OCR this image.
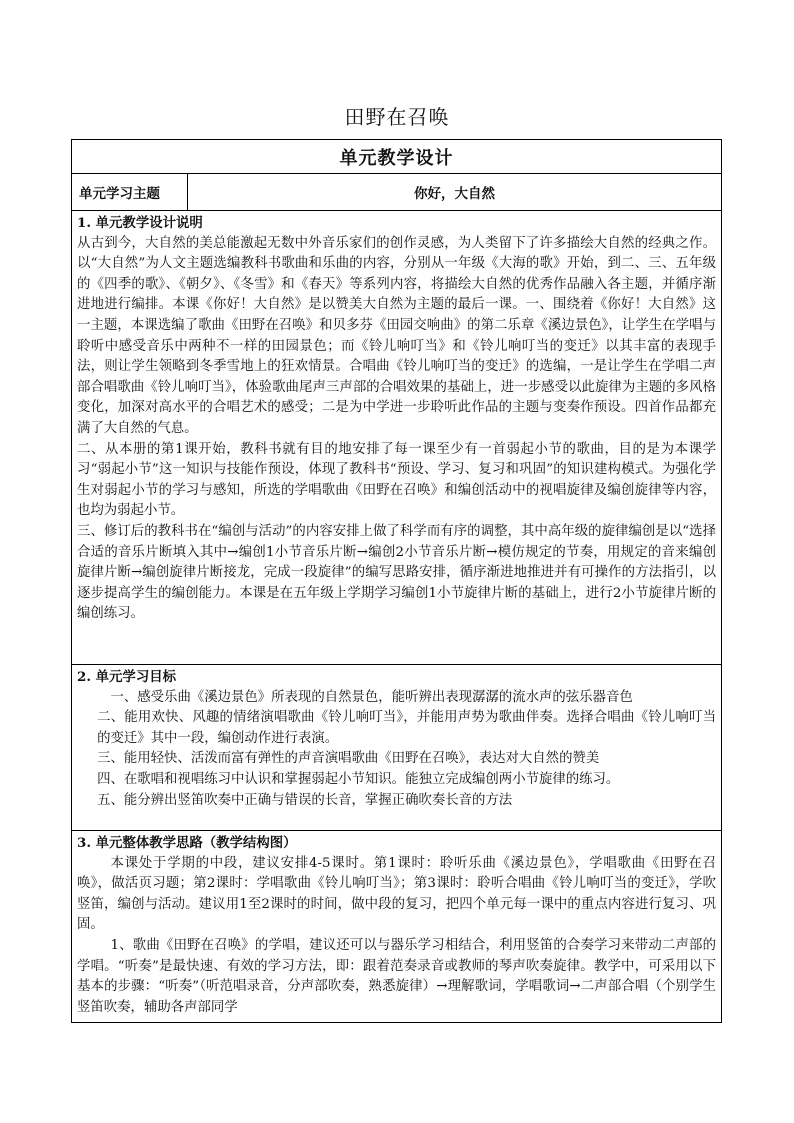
田野在召唤
单元教学设计
单元学习主题	你好，大自然

1. 单元教学设计说明

从古到今，大自然的美总能激起无数中外音乐家们的创作灵感，为人类留下了许多描绘大自然的经典之作。以“大自然”为人文主题选编教科书歌曲和乐曲的内容，分别从一年级《大海的歌》开始，到二、三、五年级的《四季的歌》、《朝夕》、《冬雪》和《春天》等系列内容，将描绘大自然的优秀作品融入各主题，并循序渐进地进行编排。本课《你好！大自然》是以赞美大自然为主题的最后一课。一、围绕着《你好！大自然》这一主题，本课选编了歌曲《田野在召唤》和贝多芬《田园交响曲》的第二乐章《溪边景色》，让学生在学唱与聆听中感受音乐中两种不一样的田园景色；而《铃儿响叮当》和《铃儿响叮当的变迁》以其丰富的表现手法，则让学生领略到冬季雪地上的狂欢情景。合唱曲《铃儿响叮当的变迁》的选编，一是让学生在学唱二声部合唱歌曲《铃儿响叮当》，体验歌曲尾声三声部的合唱效果的基础上，进一步感受以此旋律为主题的多风格变化，加深对高水平的合唱艺术的感受；二是为中学进一步聆听此作品的主题与变奏作预设。四首作品都充满了大自然的气息。

二、从本册的第1课开始，教科书就有目的地安排了每一课至少有一首弱起小节的歌曲，目的是为本课学习“弱起小节”这一知识与技能作预设，体现了教科书“预设、学习、复习和巩固”的知识建构模式。为强化学生对弱起小节的学习与感知，所选的学唱歌曲《田野在召唤》和编创活动中的视唱旋律及编创旋律等内容，也均为弱起小节。

三、修订后的教科书在“编创与活动”的内容安排上做了科学而有序的调整，其中高年级的旋律编创是以“选择合适的音乐片断填入其中→编创1小节音乐片断→编创2小节音乐片断→模仿规定的节奏，用规定的音来编创旋律片断→编创旋律片断接龙，完成一段旋律”的编写思路安排，循序渐进地推进并有可操作的方法指引，以逐步提高学生的编创能力。本课是在五年级上学期学习编创1小节旋律片断的基础上，进行2小节旋律片断的编创练习。

2. 单元学习目标

一、感受乐曲《溪边景色》所表现的自然景色，能听辨出表现潺潺的流水声的弦乐器音色

二、能用欢快、风趣的情绪演唱歌曲《铃儿响叮当》，并能用声势为歌曲伴奏。选择合唱曲《铃儿响叮当的变迁》其中一段，编创动作进行表演。

三、能用轻快、活泼而富有弹性的声音演唱歌曲《田野在召唤》，表达对大自然的赞美

四、在歌唱和视唱练习中认识和掌握弱起小节知识。能独立完成编创两小节旋律的练习。

五、能分辨出竖笛吹奏中正确与错误的长音，掌握正确吹奏长音的方法

3. 单元整体教学思路（教学结构图）

本课处于学期的中段，建议安排4-5课时。第1课时：聆听乐曲《溪边景色》，学唱歌曲《田野在召唤》，做活页习题；第2课时：学唱歌曲《铃儿响叮当》；第3课时：聆听合唱曲《铃儿响叮当的变迁》，学吹竖笛，编创与活动。建议用1至2课时的时间，做中段的复习，把四个单元每一课中的重点内容进行复习、巩固。

1、歌曲《田野在召唤》的学唱，建议还可以与器乐学习相结合，利用竖笛的合奏学习来带动二声部的学唱。“听奏”是最快速、有效的学习方法，即：跟着范奏录音或教师的琴声吹奏旋律。教学中，可采用以下基本的步骤：“听奏”（听范唱录音，分声部吹奏，熟悉旋律）→理解歌词，学唱歌词→二声部合唱（个别学生竖笛吹奏，辅助各声部同学
